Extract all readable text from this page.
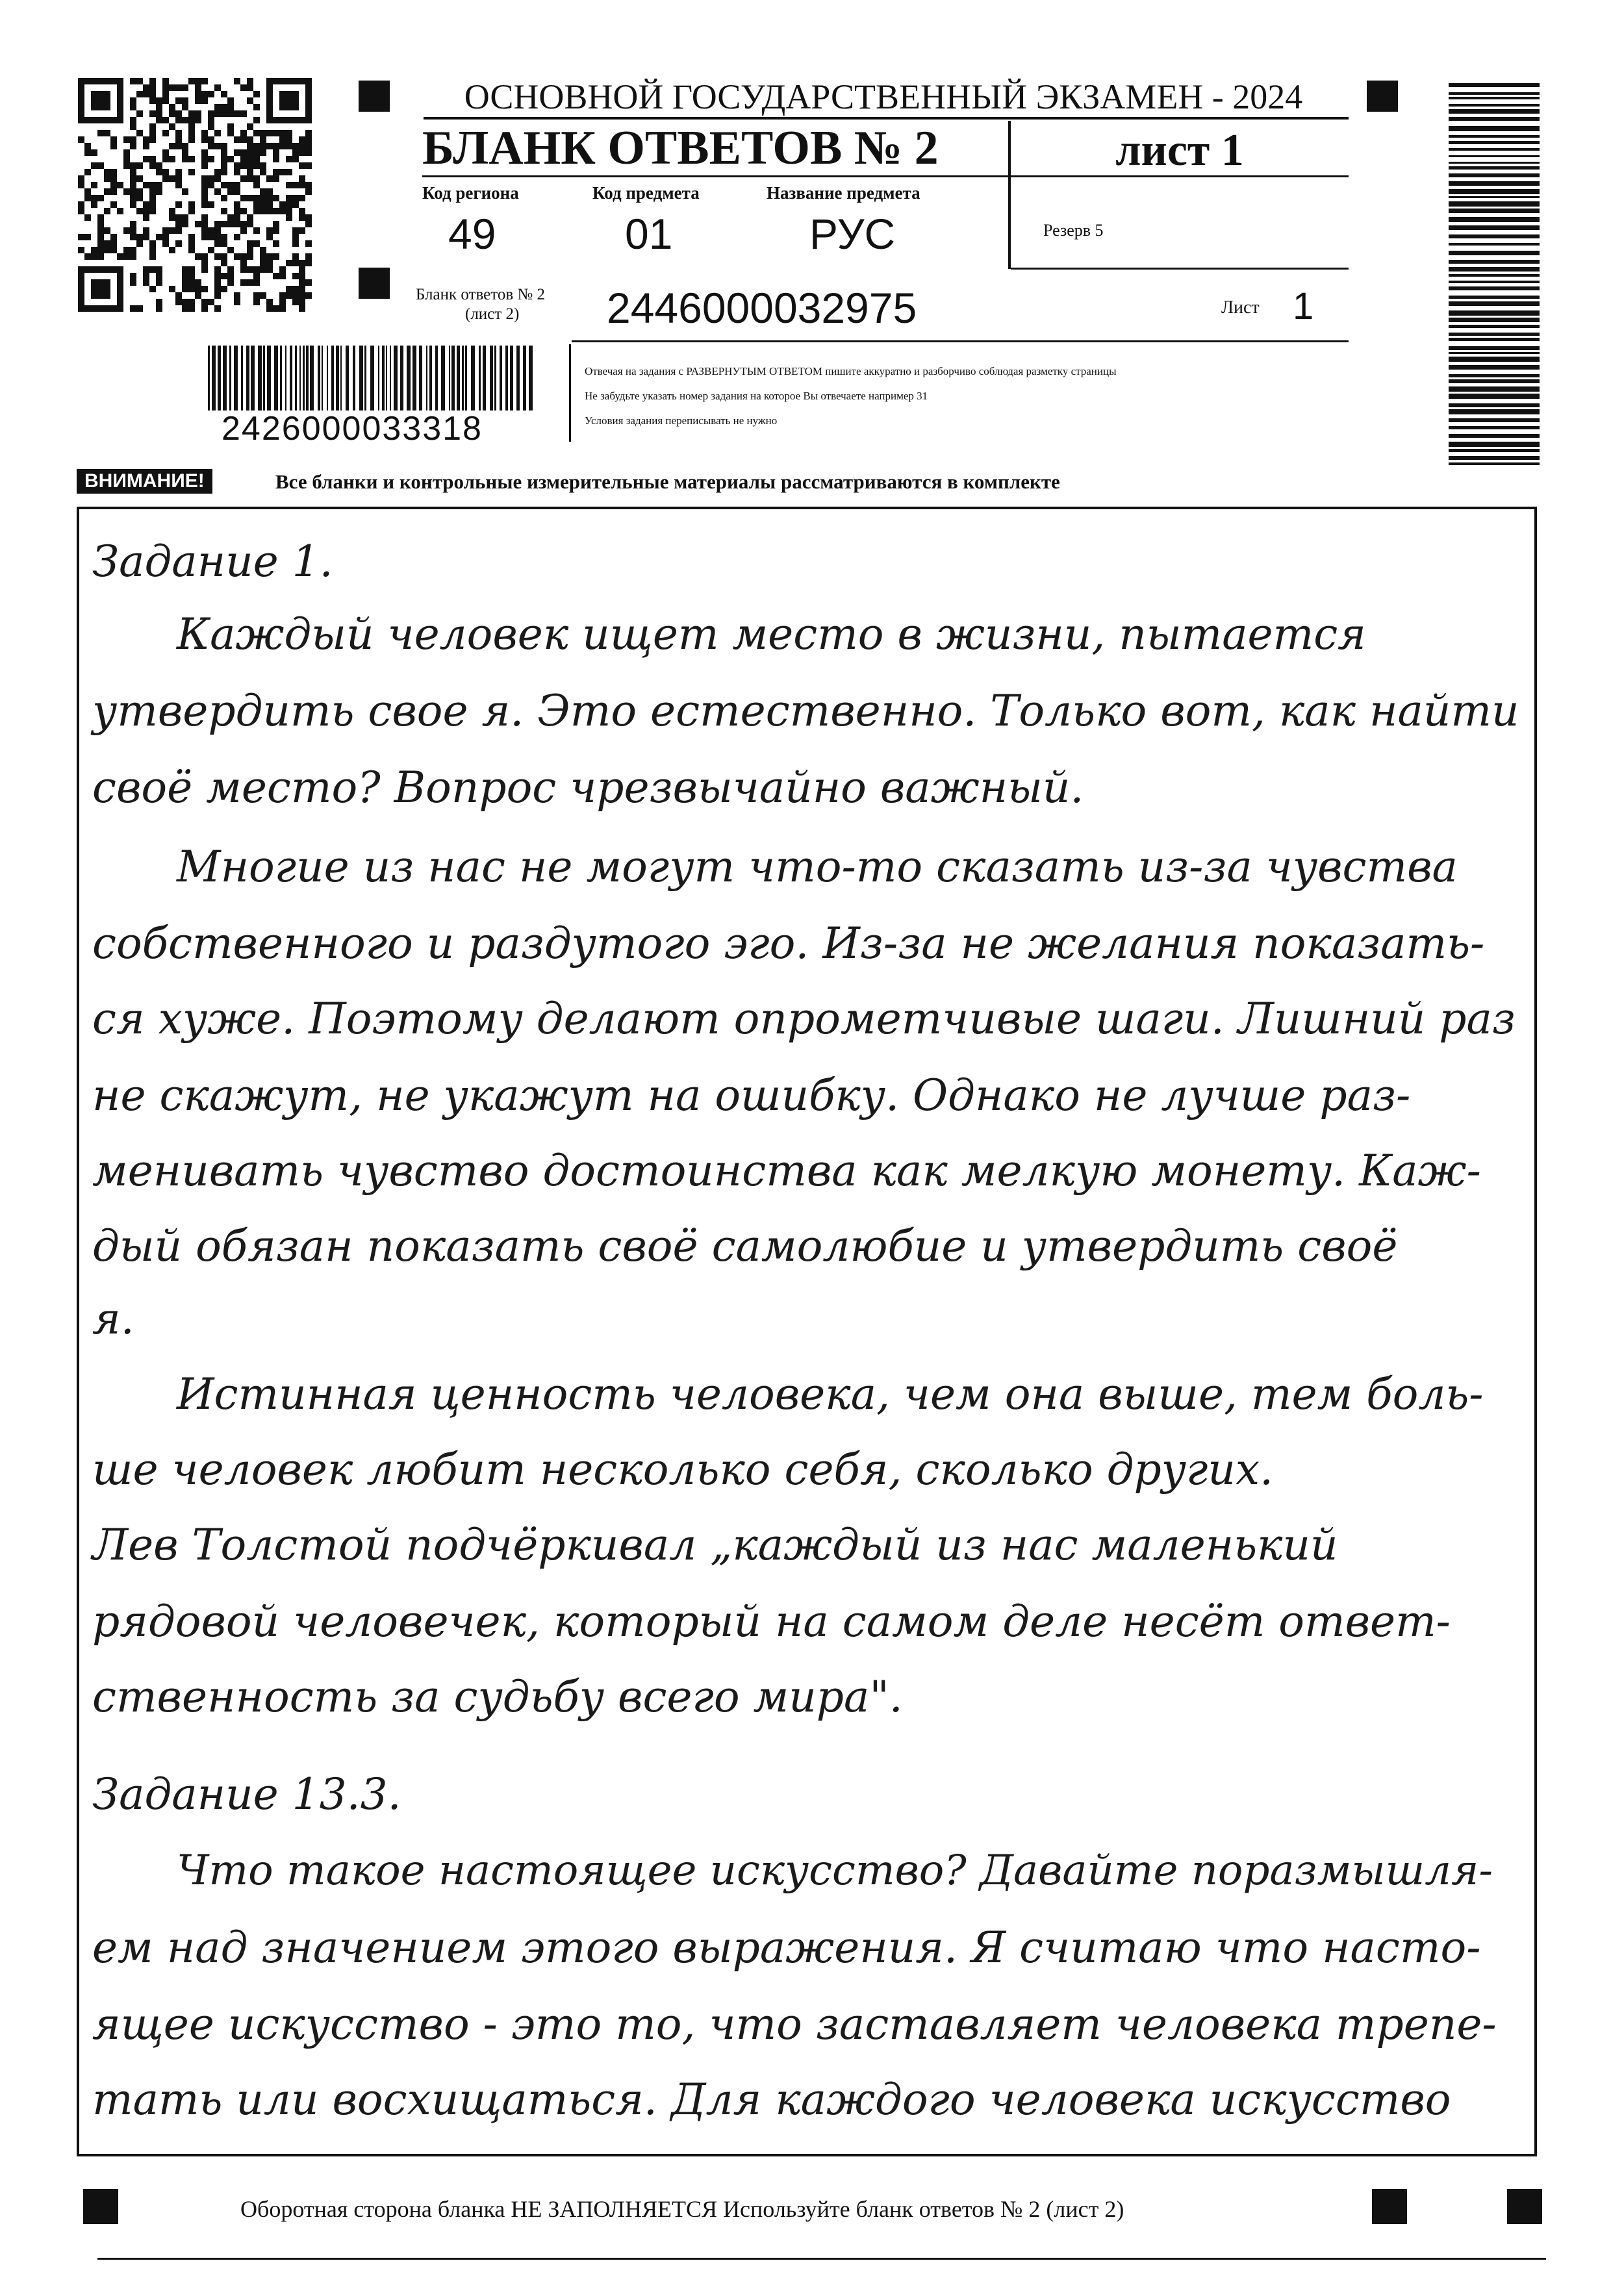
ОСНОВНОЙ ГОСУДАРСТВЕННЫЙ ЭКЗАМЕН - 2024
БЛАНК ОТВЕТОВ № 2	лист 1
Код региона
49
Код предмета
01
Название предмета
РУС	Резерв 5
Бланк ответов № 2
(лист 2) 2446000032975	Лист 1
2426000033318
Отвечая на задания с РАЗВЕРНУТЫМ ОТВЕТОМ пишите аккуратно и разборчиво соблюдая разметку страницы
Не забудьте указать номер задания на которое Вы отвечаете например 31
Условия задания переписывать не нужно
ВНИМАНИЕ!	Все бланки и контрольные измерительные материалы рассматриваются в комплекте
Задание 1.
Каждый человек ищет место в жизни, пытается
утвердить свое я. Это естественно. Только вот, как найти
своё место? Вопрос чрезвычайно важный.
Многие из нас не могут что-то сказать из-за чувства
собственного и раздутого эго. Из-за не желания показать-
ся хуже. Поэтому делают опрометчивые шаги. Лишний раз
не скажут, не укажут на ошибку. Однако не лучше раз-
менивать чувство достоинства как мелкую монету. Каж-
дый обязан показать своё самолюбие и утвердить своё
я.
Истинная ценность человека, чем она выше, тем боль-
ше человек любит несколько себя, сколько других.
Лев Толстой подчёркивал „каждый из нас маленький
рядовой человечек, который на самом деле несёт ответ-
ственность за судьбу всего мира".
Задание 13.3.
Что такое настоящее искусство? Давайте поразмышля-
ем над значением этого выражения. Я считаю что насто-
ящее искусство - это то, что заставляет человека трепе-
тать или восхищаться. Для каждого человека искусство
Оборотная сторона бланка НЕ ЗАПОЛНЯЕТСЯ Используйте бланк ответов № 2 (лист 2)
